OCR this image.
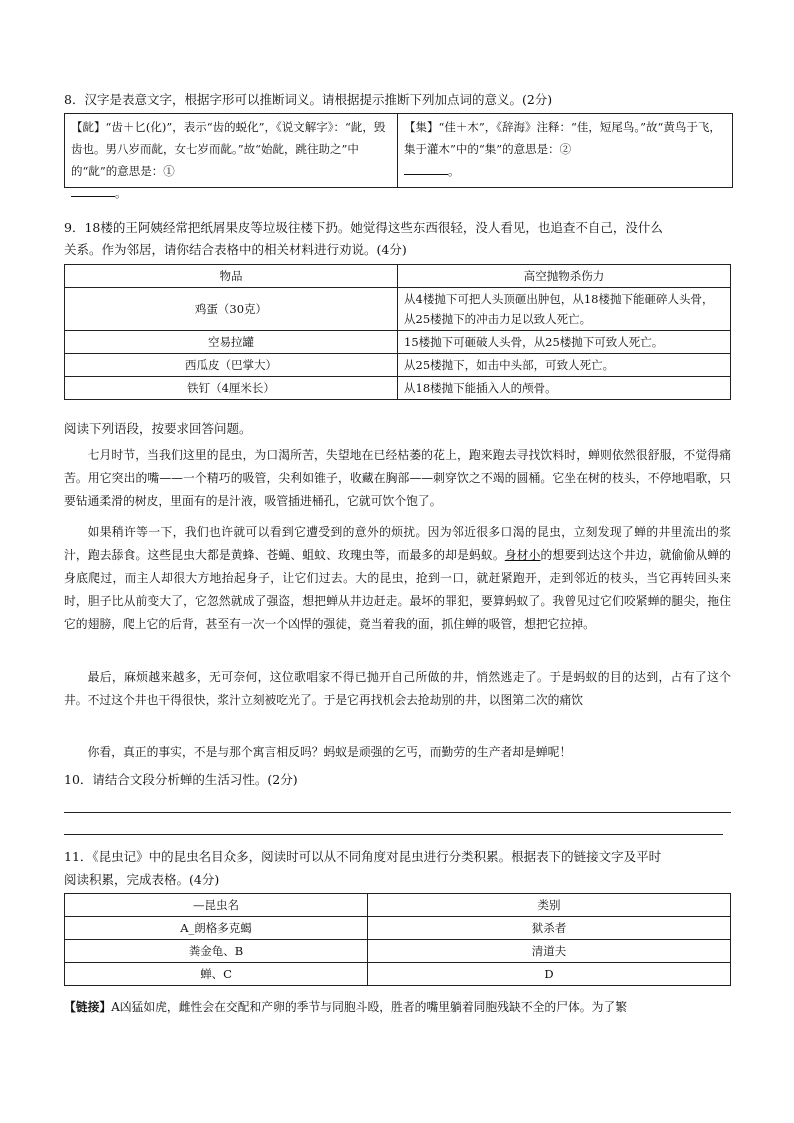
8．汉字是表意文字，根据字形可以推断词义。请根据提示推断下列加点词的意义。(2分)
【龀】“齿＋匕(化)”，表示“齿的蜕化”，《说文解字》：“龀，毁齿也。男八岁而龀，女七岁而龀。”故“始龀，跳往助之”中的“龀”的意思是：①
。
【集】“佳＋木”，《辞海》注释：“佳，短尾鸟。”故“黄鸟于飞，集于灌木”中的“集”的意思是：②
。
9．18楼的王阿姨经常把纸屑果皮等垃圾往楼下扔。她觉得这些东西很轻，没人看见，也追查不自己，没什么
关系。作为邻居，请你结合表格中的相关材料进行劝说。(4分)
物品	高空抛物杀伤力
鸡蛋（30克）	从4楼抛下可把人头顶砸出肿包，从18楼抛下能砸碎人头骨，从25楼抛下的冲击力足以致人死亡。
空易拉罐	15楼抛下可砸破人头骨，从25楼抛下可致人死亡。
西瓜皮（巴掌大）	从25楼抛下，如击中头部，可致人死亡。
铁钉（4厘米长）	从18楼抛下能插入人的颅骨。
阅读下列语段，按要求回答问题。
七月时节，当我们这里的昆虫，为口渴所苦，失望地在已经枯萎的花上，跑来跑去寻找饮料时，蝉则依然很舒服，不觉得痛苦。用它突出的嘴——一个精巧的吸管，尖利如锥子，收藏在胸部——刺穿饮之不竭的圆桶。它坐在树的枝头，不停地唱歌，只要钻通柔滑的树皮，里面有的是汁液，吸管插进桶孔，它就可饮个饱了。
如果稍许等一下，我们也许就可以看到它遭受到的意外的烦扰。因为邻近很多口渴的昆虫，立刻发现了蝉的井里流出的浆汁，跑去舔食。这些昆虫大都是黄蜂、苍蝇、蛆蚊、玫瑰虫等，而最多的却是蚂蚁。身材小的想要到达这个井边，就偷偷从蝉的身底爬过，而主人却很大方地抬起身子，让它们过去。大的昆虫，抢到一口，就赶紧跑开，走到邻近的枝头，当它再转回头来时，胆子比从前变大了，它忽然就成了强盗，想把蝉从井边赶走。最坏的罪犯，要算蚂蚁了。我曾见过它们咬紧蝉的腿尖，拖住它的翅膀，爬上它的后背，甚至有一次一个凶悍的强徒，竟当着我的面，抓住蝉的吸管，想把它拉掉。
最后，麻烦越来越多，无可奈何，这位歌唱家不得已抛开自己所做的井，悄然逃走了。于是蚂蚁的目的达到，占有了这个井。不过这个井也干得很快，浆汁立刻被吃光了。于是它再找机会去抢劫别的井，以图第二次的痛饮
你看，真正的事实，不是与那个寓言相反吗？蚂蚁是顽强的乞丐，而勤劳的生产者却是蝉呢！
10．请结合文段分析蝉的生活习性。(2分)
11．《昆虫记》中的昆虫名目众多，阅读时可以从不同角度对昆虫进行分类积累。根据表下的链接文字及平时
阅读积累，完成表格。(4分)
—昆虫名	类别
A_朗格多克蝎	狱杀者
粪金龟、B	清道夫
蝉、C	D
【链接】A凶猛如虎，雌性会在交配和产卵的季节与同胞斗殴，胜者的嘴里躺着同胞残缺不全的尸体。为了繁
